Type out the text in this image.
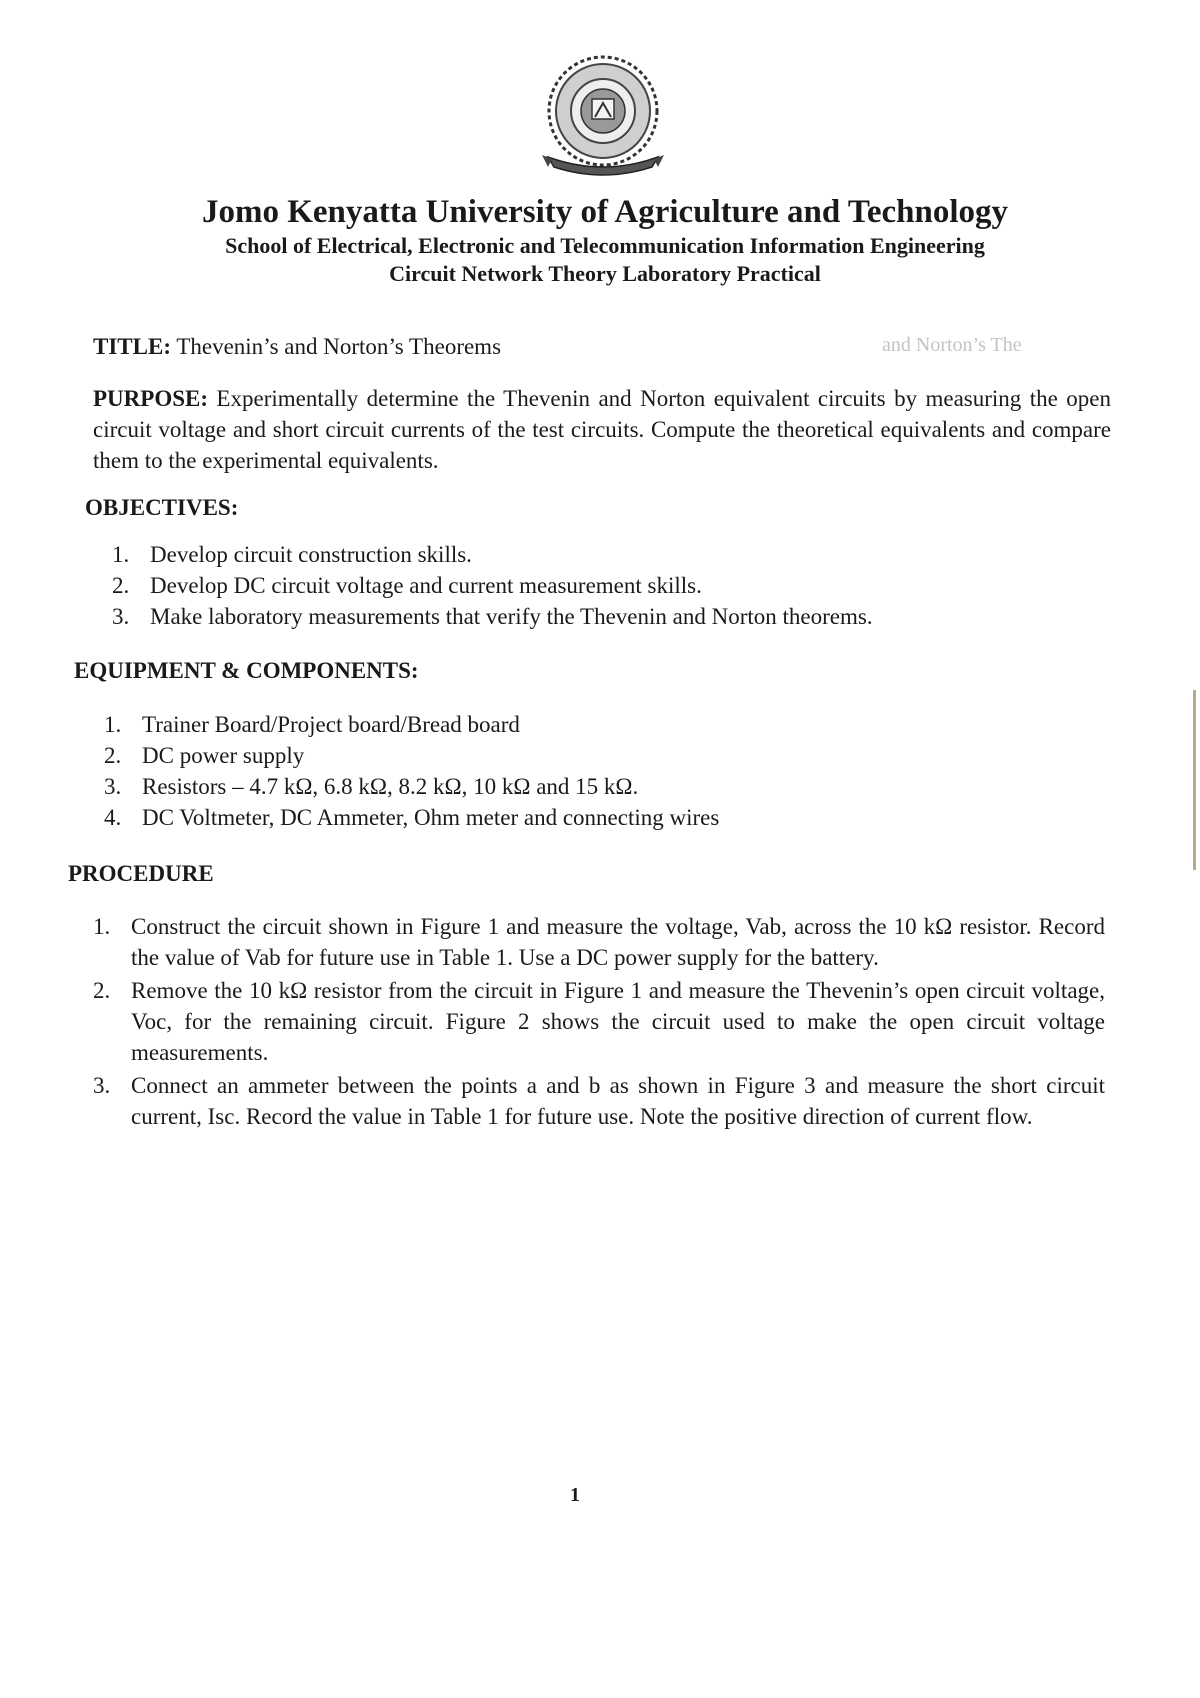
Jomo Kenyatta University of Agriculture and Technology
School of Electrical, Electronic and Telecommunication Information Engineering
Circuit Network Theory Laboratory Practical
TITLE: Thevenin’s and Norton’s Theorems	and Norton’s The
PURPOSE: Experimentally determine the Thevenin and Norton equivalent circuits by measuring the open circuit voltage and short circuit currents of the test circuits. Compute the theoretical equivalents and compare them to the experimental equivalents.
OBJECTIVES:
1. Develop circuit construction skills.
2. Develop DC circuit voltage and current measurement skills.
3. Make laboratory measurements that verify the Thevenin and Norton theorems.
EQUIPMENT & COMPONENTS:
1. Trainer Board/Project board/Bread board
2. DC power supply
3. Resistors – 4.7 kΩ, 6.8 kΩ, 8.2 kΩ, 10 kΩ and 15 kΩ.
4. DC Voltmeter, DC Ammeter, Ohm meter and connecting wires
PROCEDURE
1. Construct the circuit shown in Figure 1 and measure the voltage, Vab, across the 10 kΩ resistor. Record the value of Vab for future use in Table 1. Use a DC power supply for the battery.
2. Remove the 10 kΩ resistor from the circuit in Figure 1 and measure the Thevenin’s open circuit voltage, Voc, for the remaining circuit. Figure 2 shows the circuit used to make the open circuit voltage measurements.
3. Connect an ammeter between the points a and b as shown in Figure 3 and measure the short circuit current, Isc. Record the value in Table 1 for future use. Note the positive direction of current flow.
1
